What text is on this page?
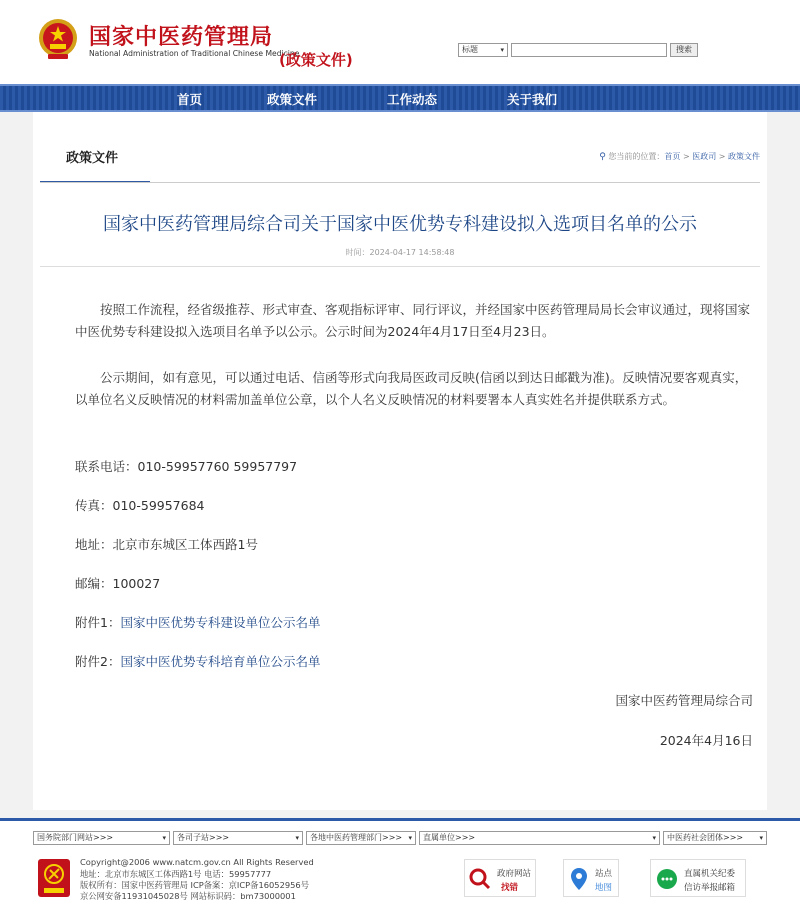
国家中医药管理局
National Administration of Traditional Chinese Medicine
(政策文件)
标题	▾	搜索
首页	政策文件	工作动态	关于我们
政策文件	⚲ 您当前的位置：首页 > 医政司 > 政策文件
国家中医药管理局综合司关于国家中医优势专科建设拟入选项目名单的公示
时间：2024-04-17 14:58:48
按照工作流程，经省级推荐、形式审查、客观指标评审、同行评议，并经国家中医药管理局局长会审议通过，现将国家中医优势专科建设拟入选项目名单予以公示。公示时间为2024年4月17日至4月23日。
公示期间，如有意见，可以通过电话、信函等形式向我局医政司反映(信函以到达日邮戳为准)。反映情况要客观真实，以单位名义反映情况的材料需加盖单位公章，以个人名义反映情况的材料要署本人真实姓名并提供联系方式。
联系电话：010-59957760 59957797
传真：010-59957684
地址：北京市东城区工体西路1号
邮编：100027
附件1：国家中医优势专科建设单位公示名单
附件2：国家中医优势专科培育单位公示名单
国家中医药管理局综合司
2024年4月16日
国务院部门网站>>>	▾	各司子站>>>	▾	各地中医药管理部门>>> ▾	直属单位>>>	▾	中医药社会团体>>> ▾
Copyright@2006 www.natcm.gov.cn All Rights Reserved
地址：北京市东城区工体西路1号 电话：59957777
版权所有：国家中医药管理局 ICP备案：京ICP备16052956号
京公网安备11931045028号 网站标识码：bm73000001
政府网站
找错
站点
地图
直属机关纪委
信访举报邮箱
